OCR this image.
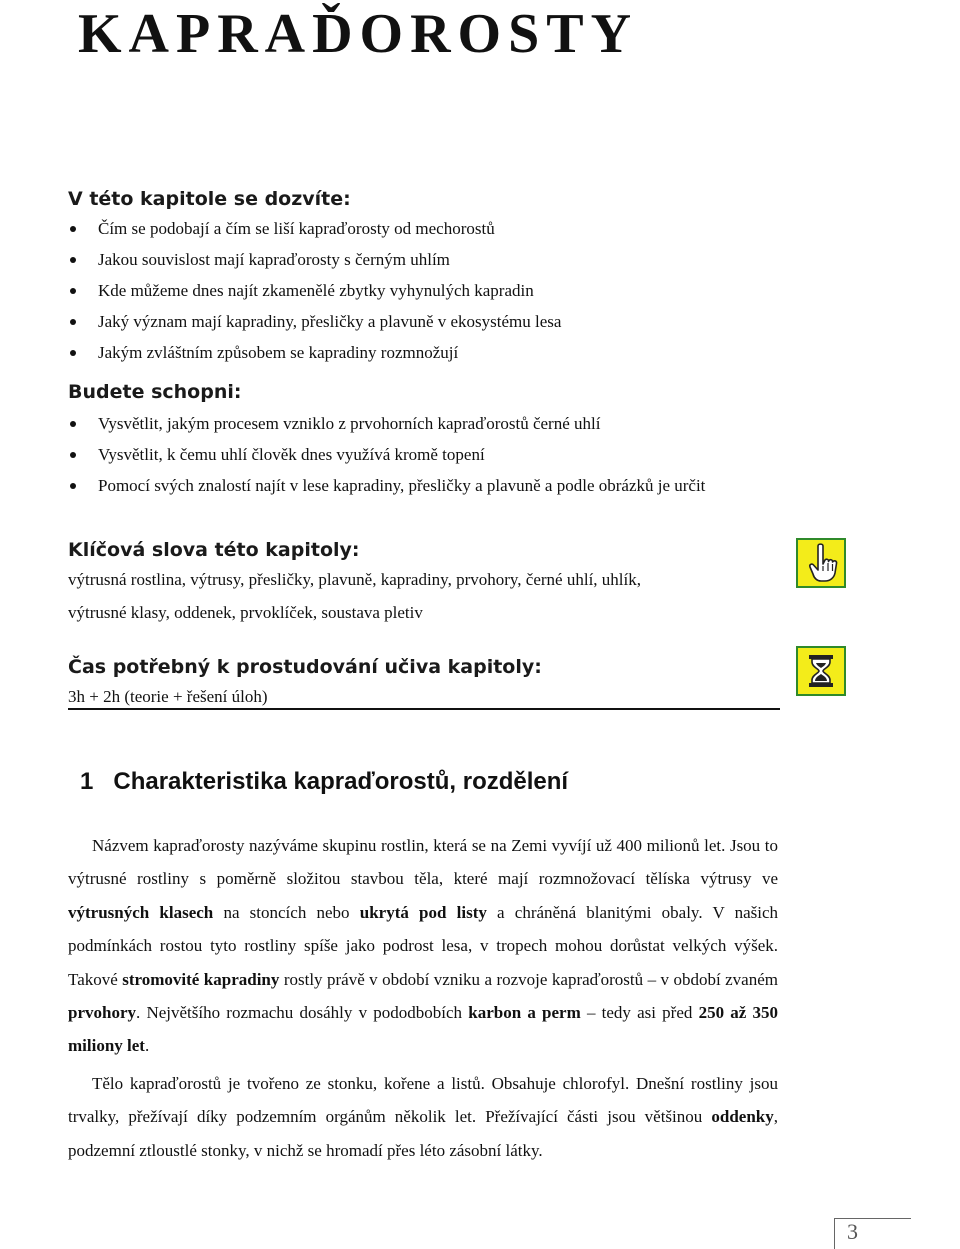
KAPRAĎOROSTY
V této kapitole se dozvíte:
Čím se podobají a čím se liší kapraďorosty od mechorostů
Jakou souvislost mají kapraďorosty s černým uhlím
Kde můžeme dnes najít zkamenělé zbytky vyhynulých kapradin
Jaký význam mají kapradiny, přesličky a plavuně v ekosystému lesa
Jakým zvláštním způsobem se kapradiny rozmnožují
Budete schopni:
Vysvětlit, jakým procesem vzniklo z prvohorních kapraďorostů černé uhlí
Vysvětlit, k čemu uhlí člověk dnes využívá kromě topení
Pomocí svých znalostí najít v lese kapradiny, přesličky a plavuně a podle obrázků je určit
Klíčová slova této kapitoly:
výtrusná rostlina, výtrusy, přesličky, plavuně, kapradiny, prvohory, černé uhlí, uhlík,
výtrusné klasy, oddenek, prvoklíček, soustava pletiv
Čas potřebný k prostudování učiva kapitoly:
3h + 2h (teorie + řešení úloh)
1 Charakteristika kapraďorostů, rozdělení

Názvem kapraďorosty nazýváme skupinu rostlin, která se na Zemi vyvíjí už 400 milionů let. Jsou to výtrusné rostliny s poměrně složitou stavbou těla, které mají rozmnožovací tělíska výtrusy ve výtrusných klasech na stoncích nebo ukrytá pod listy a chráněná blanitými obaly. V našich podmínkách rostou tyto rostliny spíše jako podrost lesa, v tropech mohou dorůstat velkých výšek. Takové stromovité kapradiny rostly právě v období vzniku a rozvoje kapraďorostů – v období zvaném prvohory. Největšího rozmachu dosáhly v pododbobích karbon a perm – tedy asi před 250 až 350 miliony let.

Tělo kapraďorostů je tvořeno ze stonku, kořene a listů. Obsahuje chlorofyl. Dnešní rostliny jsou trvalky, přežívají díky podzemním orgánům několik let. Přežívající části jsou většinou oddenky, podzemní ztloustlé stonky, v nichž se hromadí přes léto zásobní látky.

3
